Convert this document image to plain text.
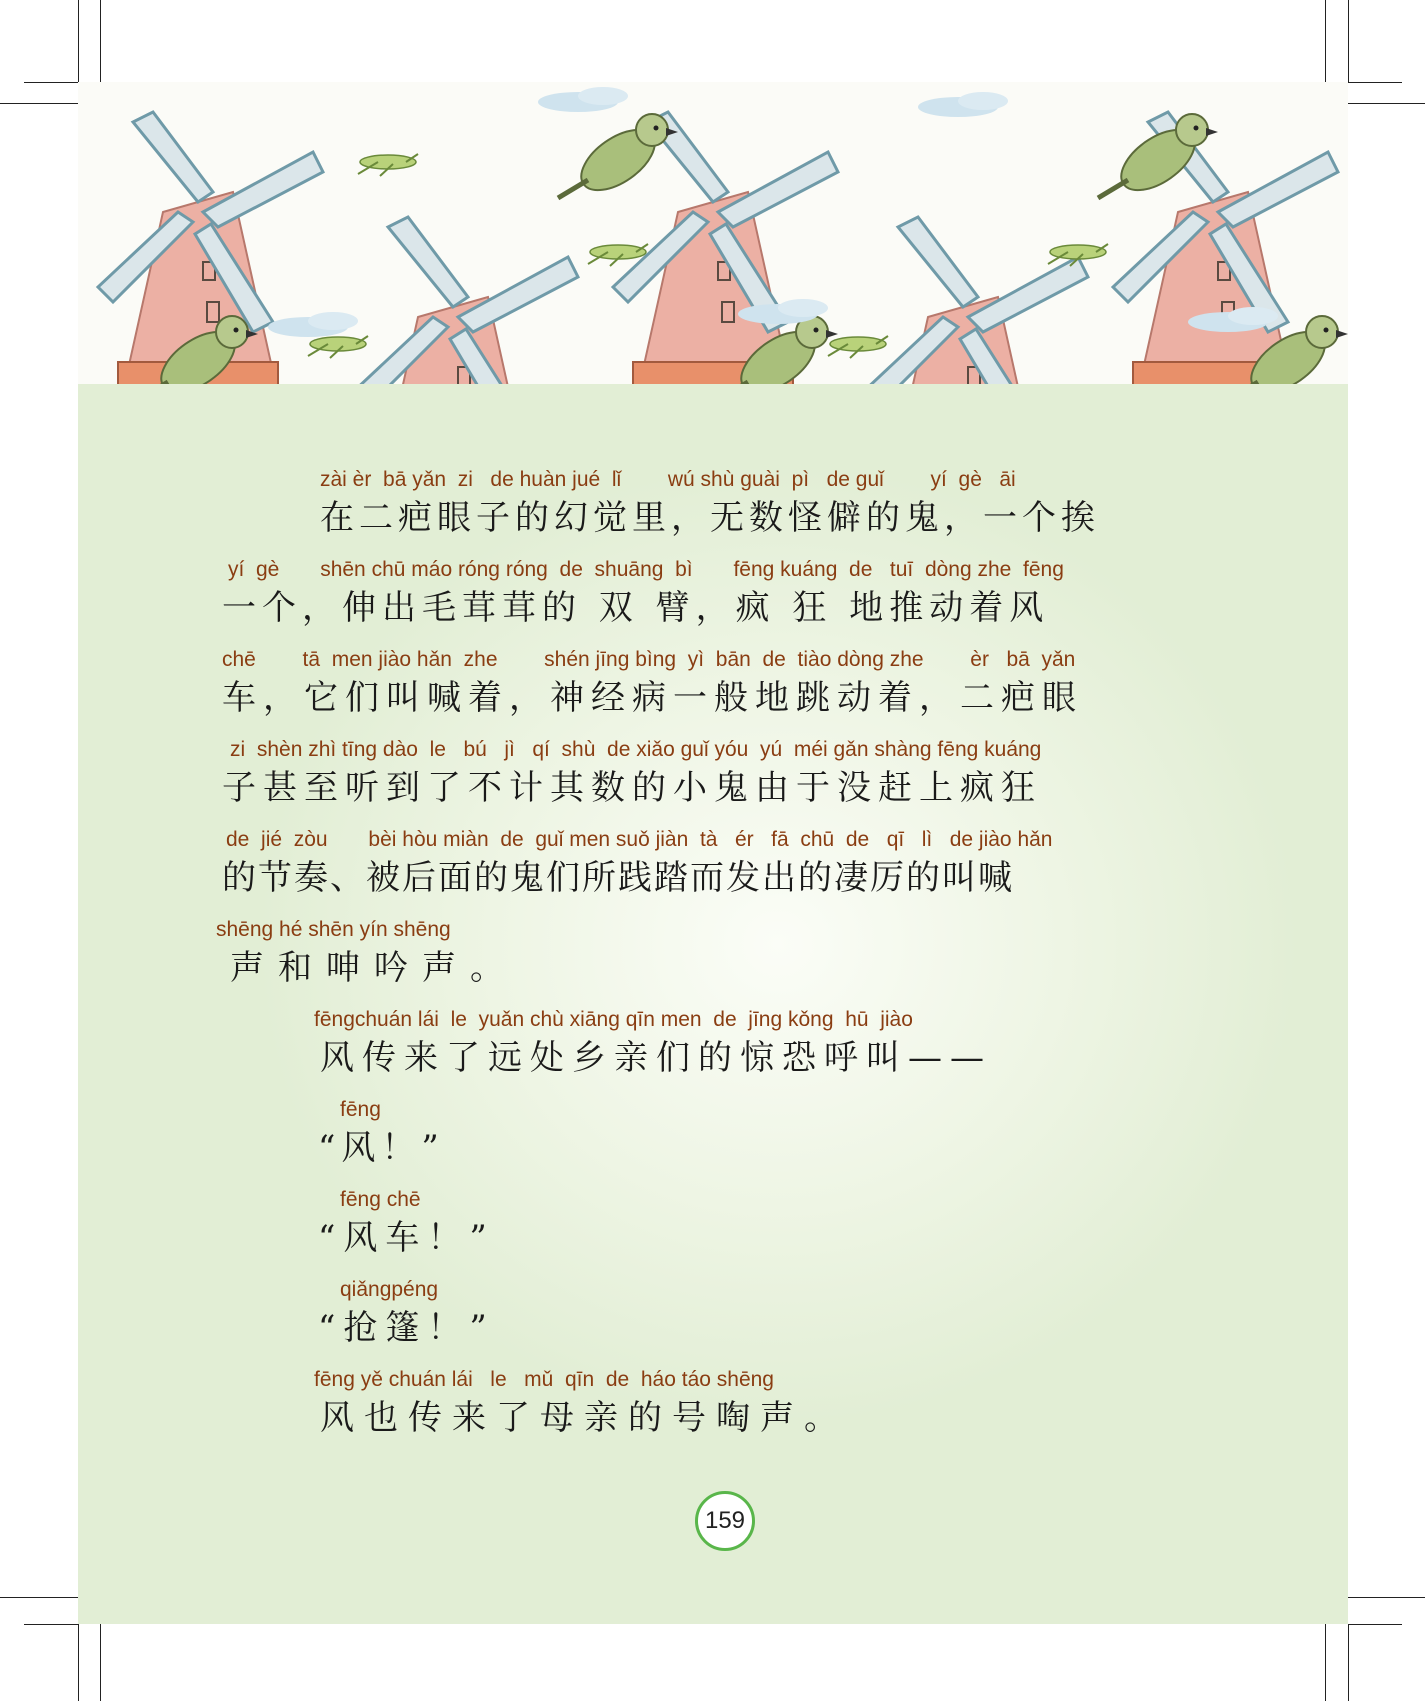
zài èr  bā yǎn  zi   de huàn jué  lǐ        wú shù guài  pì   de guǐ        yí  gè   āi
在二疤眼子的幻觉里，无数怪僻的鬼，一个挨
yí  gè       shēn chū máo róng róng  de  shuāng  bì       fēng kuáng  de   tuī  dòng zhe  fēng
一个，伸出毛茸茸的 双 臂，疯 狂 地推动着风
chē        tā  men jiào hǎn  zhe        shén jīng bìng  yì  bān  de  tiào dòng zhe        èr   bā  yǎn
车，它们叫喊着，神经病一般地跳动着，二疤眼
zi  shèn zhì tīng dào  le   bú   jì   qí  shù  de xiǎo guǐ yóu  yú  méi gǎn shàng fēng kuáng
子甚至听到了不计其数的小鬼由于没赶上疯狂
de  jié  zòu       bèi hòu miàn  de  guǐ men suǒ jiàn  tà   ér   fā  chū  de   qī   lì   de jiào hǎn
的节奏、被后面的鬼们所践踏而发出的凄厉的叫喊
shēng hé shēn yín shēng
声和呻吟声。
fēngchuán lái  le  yuǎn chù xiāng qīn men  de  jīng kǒng  hū  jiào
风传来了远处乡亲们的惊恐呼叫——
fēng
“风！”
fēng chē
“风车！”
qiǎngpéng
“抢篷！”
fēng yě chuán lái   le   mǔ  qīn  de  háo táo shēng
风也传来了母亲的号啕声。
159
